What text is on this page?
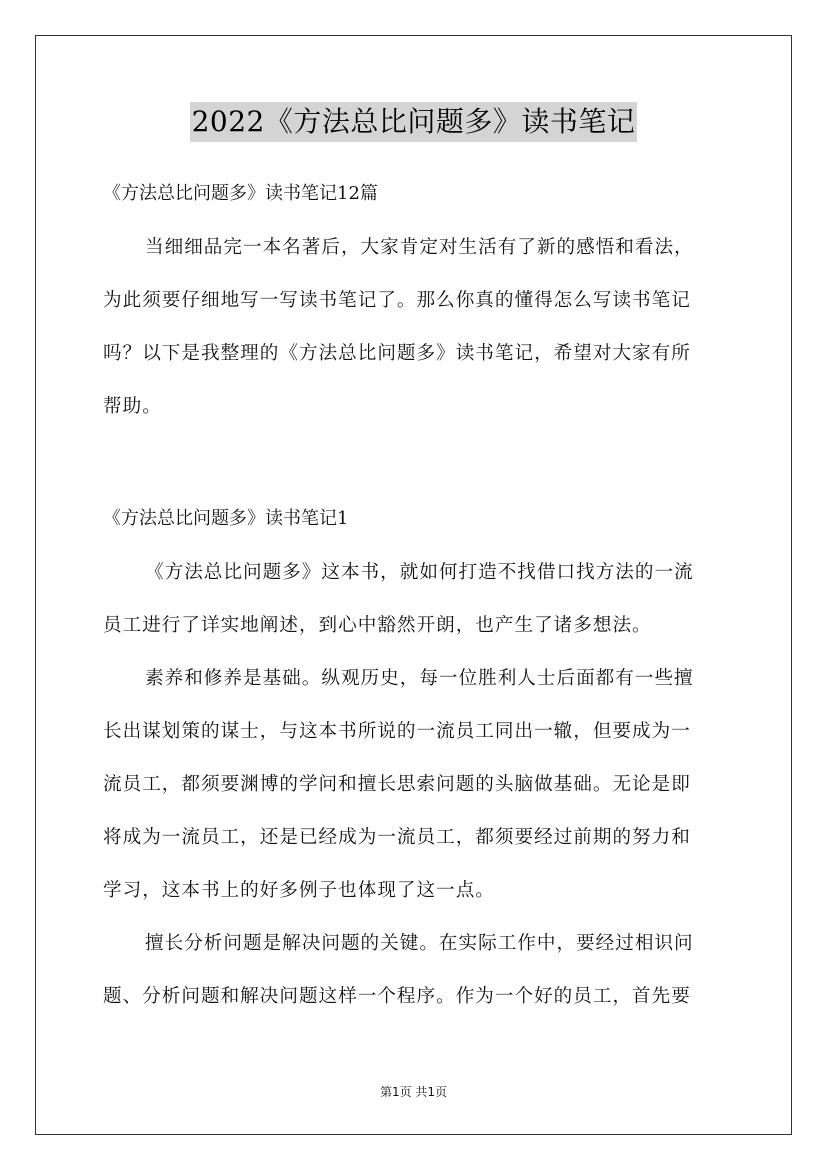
2022《方法总比问题多》读书笔记
《方法总比问题多》读书笔记12篇
当细细品完一本名著后，大家肯定对生活有了新的感悟和看法，
为此须要仔细地写一写读书笔记了。那么你真的懂得怎么写读书笔记
吗？以下是我整理的《方法总比问题多》读书笔记，希望对大家有所
帮助。
《方法总比问题多》读书笔记1
《方法总比问题多》这本书，就如何打造不找借口找方法的一流
员工进行了详实地阐述，到心中豁然开朗，也产生了诸多想法。
素养和修养是基础。纵观历史，每一位胜利人士后面都有一些擅
长出谋划策的谋士，与这本书所说的一流员工同出一辙，但要成为一
流员工，都须要渊博的学问和擅长思索问题的头脑做基础。无论是即
将成为一流员工，还是已经成为一流员工，都须要经过前期的努力和
学习，这本书上的好多例子也体现了这一点。
擅长分析问题是解决问题的关键。在实际工作中，要经过相识问
题、分析问题和解决问题这样一个程序。作为一个好的员工，首先要
第1页 共1页
